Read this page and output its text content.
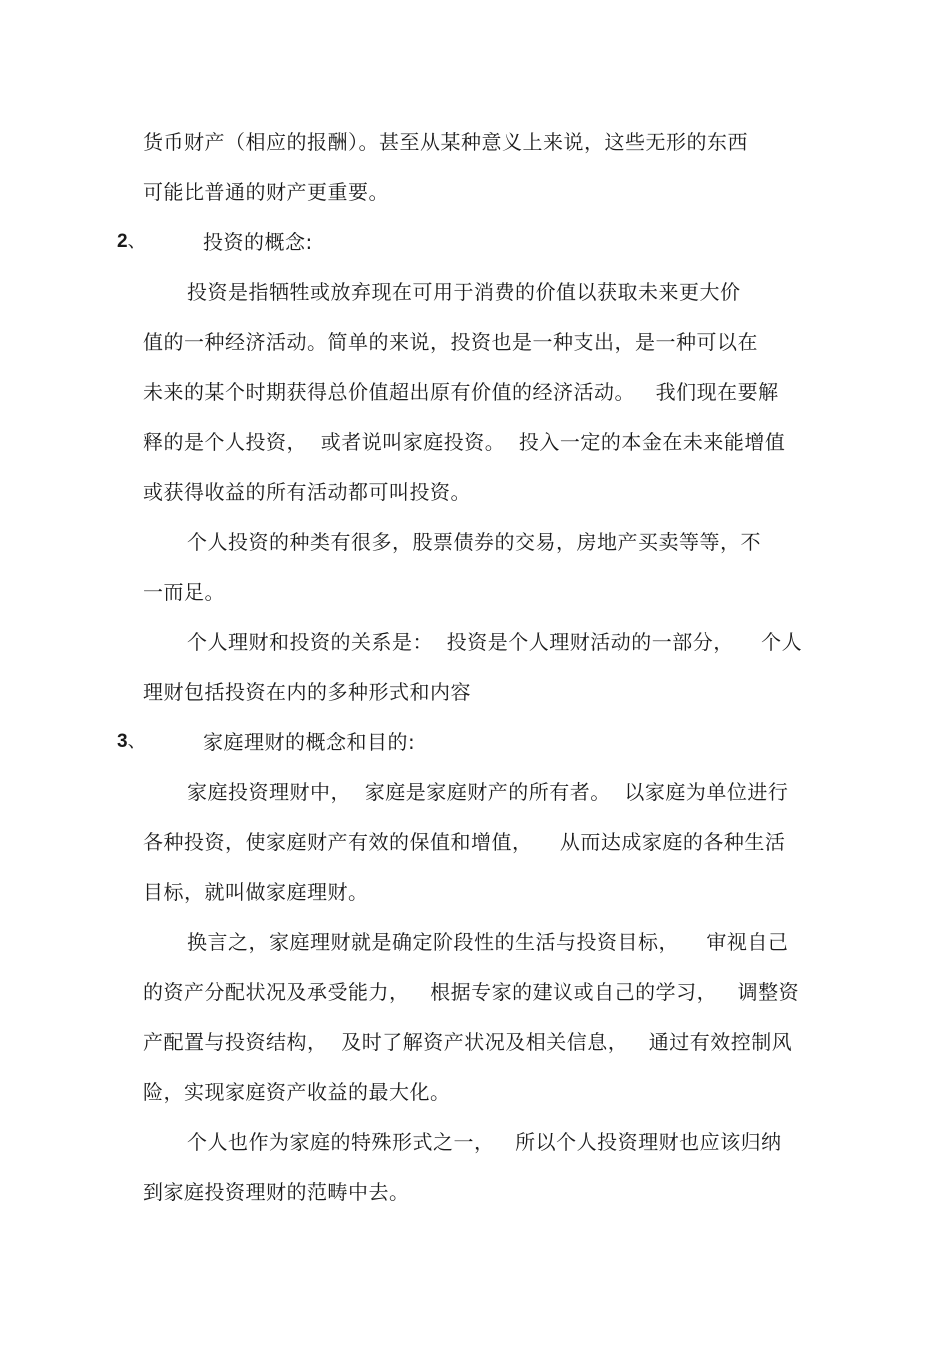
货币财产（相应的报酬）。甚至从某种意义上来说，这些无形的东西
可能比普通的财产更重要。
2、	投资的概念:
投资是指牺牲或放弃现在可用于消费的价值以获取未来更大价
值的一种经济活动。简单的来说，投资也是一种支出，是一种可以在
未来的某个时期获得总价值超出原有价值的经济活动。   我们现在要解
释的是个人投资，  或者说叫家庭投资。  投入一定的本金在未来能增值
或获得收益的所有活动都可叫投资。
个人投资的种类有很多，股票债券的交易，房地产买卖等等，不
一而足。
个人理财和投资的关系是：  投资是个人理财活动的一部分，    个人
理财包括投资在内的多种形式和内容
3、	家庭理财的概念和目的:
家庭投资理财中，  家庭是家庭财产的所有者。  以家庭为单位进行
各种投资，使家庭财产有效的保值和增值，    从而达成家庭的各种生活
目标，就叫做家庭理财。
换言之，家庭理财就是确定阶段性的生活与投资目标，    审视自己
的资产分配状况及承受能力，   根据专家的建议或自己的学习，   调整资
产配置与投资结构，  及时了解资产状况及相关信息，   通过有效控制风
险，实现家庭资产收益的最大化。
个人也作为家庭的特殊形式之一，   所以个人投资理财也应该归纳
到家庭投资理财的范畴中去。
